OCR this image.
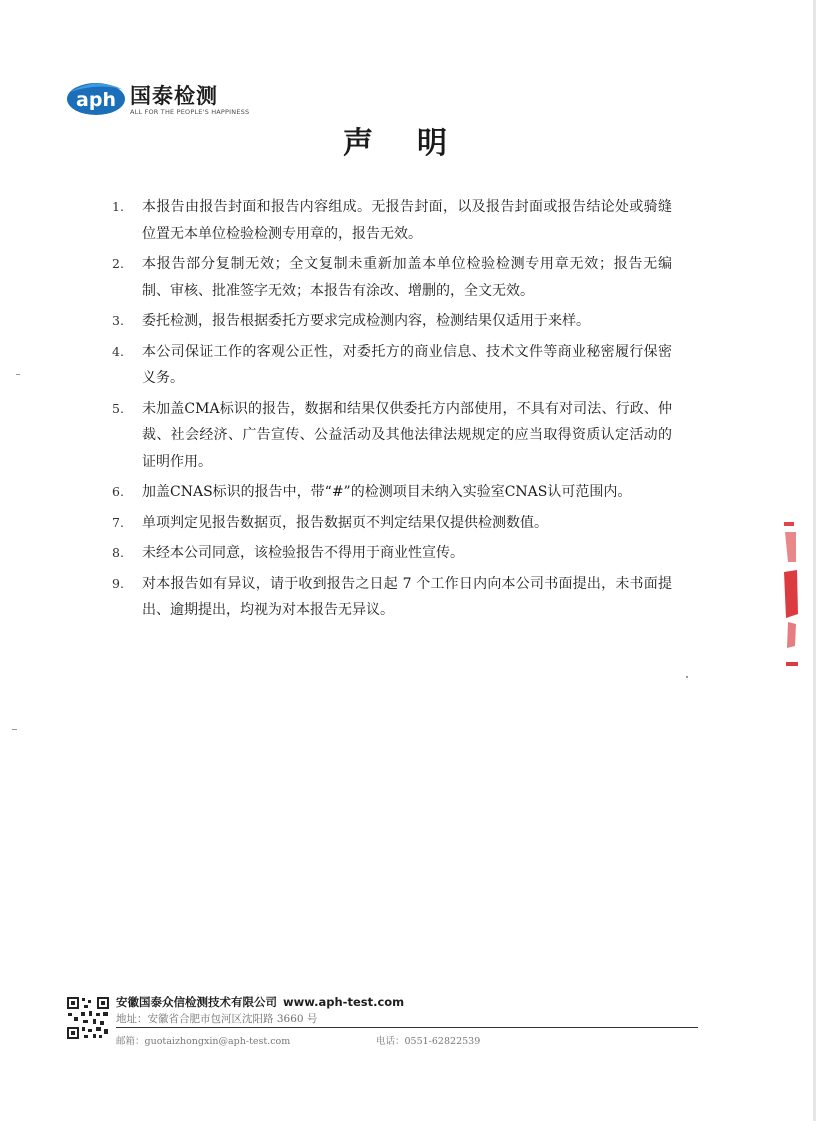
aph 国泰检测
ALL FOR THE PEOPLE'S HAPPINESS
声明
1. 本报告由报告封面和报告内容组成。无报告封面，以及报告封面或报告结论处或骑缝位置无本单位检验检测专用章的，报告无效。
2. 本报告部分复制无效；全文复制未重新加盖本单位检验检测专用章无效；报告无编制、审核、批准签字无效；本报告有涂改、增删的，全文无效。
3. 委托检测，报告根据委托方要求完成检测内容，检测结果仅适用于来样。
4. 本公司保证工作的客观公正性，对委托方的商业信息、技术文件等商业秘密履行保密义务。
5. 未加盖CMA标识的报告，数据和结果仅供委托方内部使用，不具有对司法、行政、仲裁、社会经济、广告宣传、公益活动及其他法律法规规定的应当取得资质认定活动的证明作用。
6. 加盖CNAS标识的报告中，带“#”的检测项目未纳入实验室CNAS认可范围内。
7. 单项判定见报告数据页，报告数据页不判定结果仅提供检测数值。
8. 未经本公司同意，该检验报告不得用于商业性宣传。
9. 对本报告如有异议，请于收到报告之日起 7 个工作日内向本公司书面提出，未书面提出、逾期提出，均视为对本报告无异议。
安徽国泰众信检测技术有限公司 www.aph-test.com
地址：安徽省合肥市包河区沈阳路 3660 号
邮箱：guotaizhongxin@aph-test.com	电话：0551-62822539
